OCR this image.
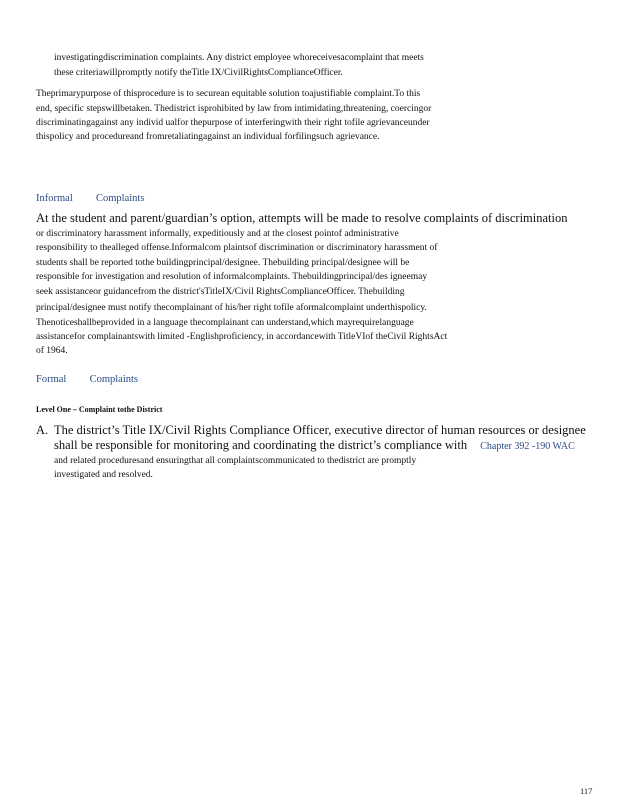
investigatingdiscrimination complaints. Any district employee whoreceivesacomplaint that meets
these criteriawillpromptly notify theTitle IX/CivilRightsComplianceOfficer.
Theprimarypurpose of thisprocedure is to securean equitable solution toajustifiable complaint.To this
end, specific stepswillbetaken. Thedistrict isprohibited by law from intimidating,threatening, coercingor
discriminatingagainst any individ ualfor thepurpose of interferingwith their right tofile agrievanceunder
thispolicy and procedureand fromretaliatingagainst an individual forfilingsuch agrievance.
Informal Complaints
At the student and parent/guardian’s option, attempts will be made to resolve complaints of discrimination
or discriminatory harassment informally, expeditiously and at the closest pointof administrative
responsibility to thealleged offense.Informalcom plaintsof discrimination or discriminatory harassment of
students shall be reported tothe buildingprincipal/designee. Thebuilding principal/designee will be
responsible for investigation and resolution of informalcomplaints. Thebuildingprincipal/des igneemay
seek assistanceor guidancefrom the district'sTitleIX/Civil RightsComplianceOfficer. Thebuilding
principal/designee must notify thecomplainant of his/her right tofile aformalcomplaint underthispolicy.
Thenoticeshallbeprovided in a language thecomplainant can understand,which mayrequirelanguage
assistancefor complainantswith limited -Englishproficiency, in accordancewith TitleVIof theCivil RightsAct
of 1964.
Formal Complaints
Level One – Complaint tothe District
A. The district’s Title IX/Civil Rights Compliance Officer, executive director of human resources or designee
shall be responsible for monitoring and coordinating the district’s compliance with Chapter 392 -190 WAC
and related proceduresand ensuringthat all complaintscommunicated to thedistrict are promptly
investigated and resolved.
117
